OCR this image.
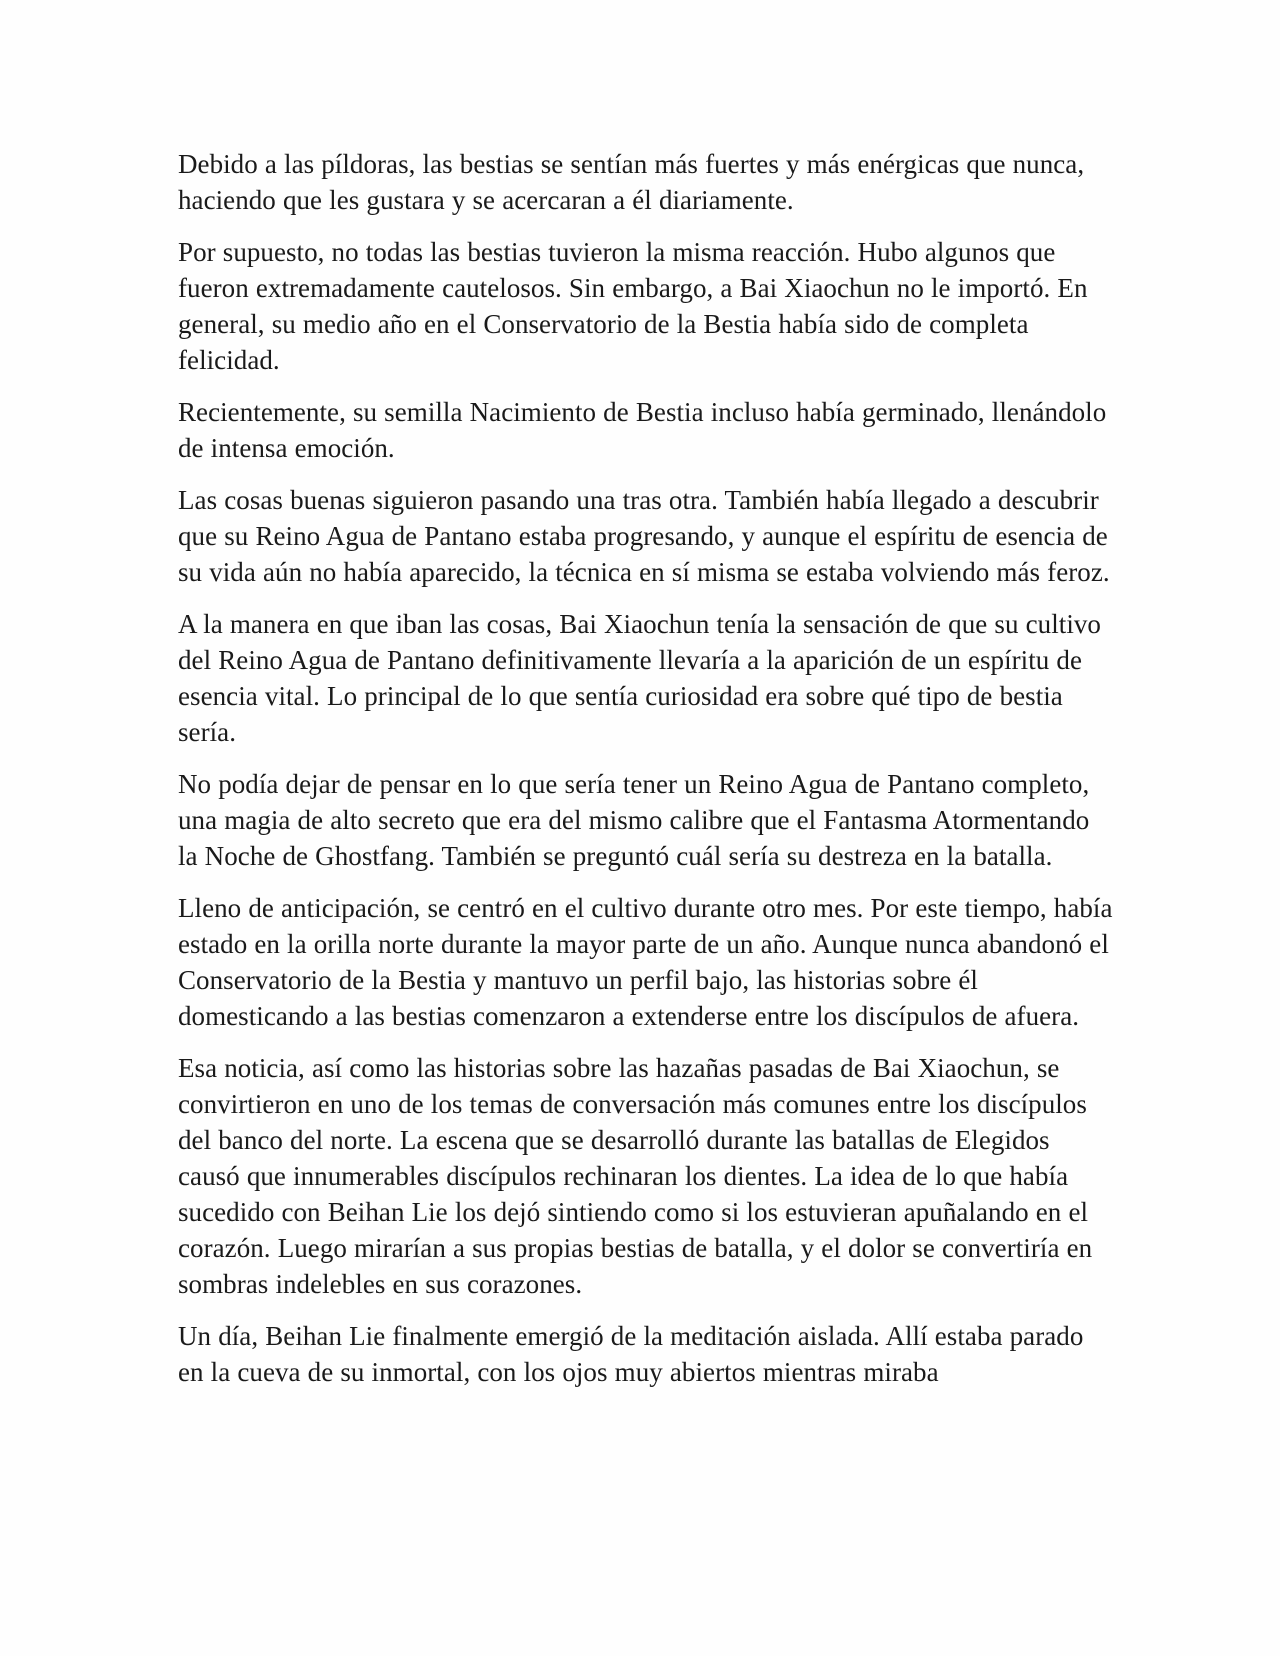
Debido a las píldoras, las bestias se sentían más fuertes y más enérgicas que nunca, haciendo que les gustara y se acercaran a él diariamente.

Por supuesto, no todas las bestias tuvieron la misma reacción. Hubo algunos que fueron extremadamente cautelosos. Sin embargo, a Bai Xiaochun no le importó. En general, su medio año en el Conservatorio de la Bestia había sido de completa felicidad.

Recientemente, su semilla Nacimiento de Bestia incluso había germinado, llenándolo de intensa emoción.

Las cosas buenas siguieron pasando una tras otra. También había llegado a descubrir que su Reino Agua de Pantano estaba progresando, y aunque el espíritu de esencia de su vida aún no había aparecido, la técnica en sí misma se estaba volviendo más feroz.

A la manera en que iban las cosas, Bai Xiaochun tenía la sensación de que su cultivo del Reino Agua de Pantano definitivamente llevaría a la aparición de un espíritu de esencia vital. Lo principal de lo que sentía curiosidad era sobre qué tipo de bestia sería.

No podía dejar de pensar en lo que sería tener un Reino Agua de Pantano completo, una magia de alto secreto que era del mismo calibre que el Fantasma Atormentando la Noche de Ghostfang. También se preguntó cuál sería su destreza en la batalla.

Lleno de anticipación, se centró en el cultivo durante otro mes. Por este tiempo, había estado en la orilla norte durante la mayor parte de un año. Aunque nunca abandonó el Conservatorio de la Bestia y mantuvo un perfil bajo, las historias sobre él domesticando a las bestias comenzaron a extenderse entre los discípulos de afuera.

Esa noticia, así como las historias sobre las hazañas pasadas de Bai Xiaochun, se convirtieron en uno de los temas de conversación más comunes entre los discípulos del banco del norte. La escena que se desarrolló durante las batallas de Elegidos causó que innumerables discípulos rechinaran los dientes. La idea de lo que había sucedido con Beihan Lie los dejó sintiendo como si los estuvieran apuñalando en el corazón. Luego mirarían a sus propias bestias de batalla, y el dolor se convertiría en sombras indelebles en sus corazones.

Un día, Beihan Lie finalmente emergió de la meditación aislada. Allí estaba parado en la cueva de su inmortal, con los ojos muy abiertos mientras miraba
